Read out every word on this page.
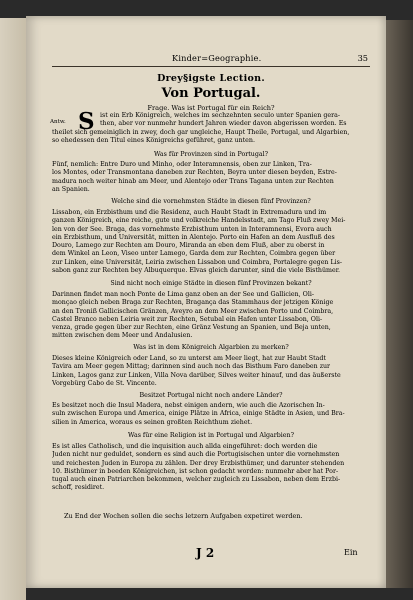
Kinder=Geographie.	35
Drey§igste Lection.
Von Portugal.
Frage. Was ist Portugal für ein Reich?
Antw. S ist ein Erb Königreich, welches im sechzehnten seculo unter Spanien gera-
then, aber vor nunmehr hundert Jahren wieder davon abgerissen worden. Es
theilet sich gemeiniglich in zwey, doch gar ungleiche, Haupt Theile, Portugal, und Algarbien,
so ehedessen den Titul eines Königreichs geführet, ganz unten.
Was für Provinzen sind in Portugal?
Fünf, nemlich: Entre Duro und Minho, oder Interamnensis, oben zur Linken, Tra-
los Montes, oder Transmontana daneben zur Rechten, Beyra unter diesen beyden, Estre-
madura noch weiter hinab am Meer, und Alentejo oder Trans Tagana unten zur Rechten
an Spanien.
Welche sind die vornehmsten Städte in diesen fünf Provinzen?
Lissabon, ein Erzbisthum und die Residenz, auch Haubt Stadt in Extremadura und im
ganzen Königreich, eine reiche, gute und volkreiche Handelsstadt, am Tago Fluß zwey Mei-
len von der See. Braga, das vornehmste Erzbisthum unten in Interamnensi, Evora auch
ein Erzbisthum, und Universität, mitten in Alentejo. Porto ein Hafen an dem Ausfluß des
Douro, Lamego zur Rechten am Douro, Miranda an eben dem Fluß, aber zu oberst in
dem Winkel an Leon, Viseo unter Lamego, Garda dem zur Rechten, Coimbra gegen über
zur Linken, eine Universität, Leiria zwischen Lissabon und Coimbra, Portalegre gegen Lis-
sabon ganz zur Rechten bey Albuquerque. Elvas gleich darunter, sind die viele Bisthümer.
Sind nicht noch einige Städte in diesen fünf Provinzen bekant?
Darinnen findet man noch Ponte de Lima ganz oben an der See und Gallicien, Oli-
monçao gleich neben Braga zur Rechten, Bragança das Stammhaus der jetzigen Könige
an den Troniß Gallicischen Gränzen, Aveyro an dem Meer zwischen Porto und Coimbra,
Castel Branco neben Leiria weit zur Rechten, Setubal ein Hafen unter Lissabon, Oli-
venza, grade gegen über zur Rechten, eine Gränz Vestung an Spanien, und Beja unten,
mitten zwischen dem Meer und Andalusien.
Was ist in dem Königreich Algarbien zu merken?
Dieses kleine Königreich oder Land, so zu unterst am Meer liegt, hat zur Haubt Stadt
Tavira am Meer gegen Mittag; darinnen sind auch noch das Bisthum Faro daneben zur
Linken, Lagos ganz zur Linken, Villa Nova darüber, Silves weiter hinauf, und das äußerste
Vorgebürg Cabo de St. Vincente.
Besitzet Portugal nicht noch andere Länder?
Es besitzet noch die Insul Madera, nebst einigen andern, wie auch die Azorischen In-
suln zwischen Europa und America, einige Plätze in Africa, einige Städte in Asien, und Bra-
silien in America, woraus es seinen großten Reichthum ziehet.
Was für eine Religion ist in Portugal und Algarbien?
Es ist alles Catholisch, und die inquisition auch allda eingeführet: doch werden die
Juden nicht nur geduldet, sondern es sind auch die Portugisischen unter die vornehmsten
und reichesten Juden in Europa zu zählen. Der drey Erzbisthümer, und darunter stehenden
10. Bisthümer in beeden Königreichen, ist schon gedacht worden: nunmehr aber hat Por-
tugal auch einen Patriarchen bekommen, welcher zugleich zu Lissabon, neben dem Erzbi-
schoff, residiret.
Zu End der Wochen sollen die sechs letzern Aufgaben expetiret werden.
J 2	Ein
